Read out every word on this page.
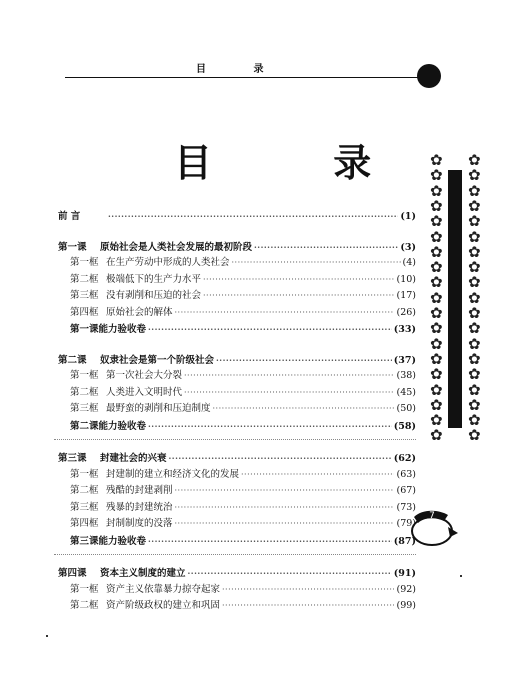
目 录
目 录 ✿ ✿
✿ ✿
✿ ✿
✿ ✿
✿ ✿
✿ ✿
✿ ✿
✿ ✿
✿ ✿
✿ ✿
✿ ✿
✿ ✿
✿ ✿
✿ ✿
✿ ✿
✿ ✿
✿ ✿
✿ ✿
✿ ✿
前 言 ·····	(1)
第一课	原始社会是人类社会发展的最初阶段 ·····	(3)
第一框 在生产劳动中形成的人类社会 ·····	(4)
第二框 极端低下的生产力水平 ·····	(10)
第三框 没有剥削和压迫的社会 ·····	(17)
第四框 原始社会的解体 ·····	(26)
第一课能力验收卷 ·····	(33)
第二课	奴隶社会是第一个阶级社会 ·····	(37)
第一框 第一次社会大分裂 ·····	(38)
第二框 人类进入文明时代 ·····	(45)
第三框 最野蛮的剥削和压迫制度 ·····	(50)
第二课能力验收卷 ·····	(58)
第三课	封建社会的兴衰 ·····	(62)
第一框 封建制的建立和经济文化的发展 ·····	(63)
第二框 残酷的封建剥削 ·····	(67)
第三框 残暴的封建统治 ·····	(73)
第四框 封制制度的没落 ·····	(79)
第三课能力验收卷 ·····	(87)
第四课	资本主义制度的建立 ·····	(91)
第一框 资产主义依靠暴力掠夺起家 ·····	(92)
第二框 资产阶级政权的建立和巩固 ·····	(99)
7
